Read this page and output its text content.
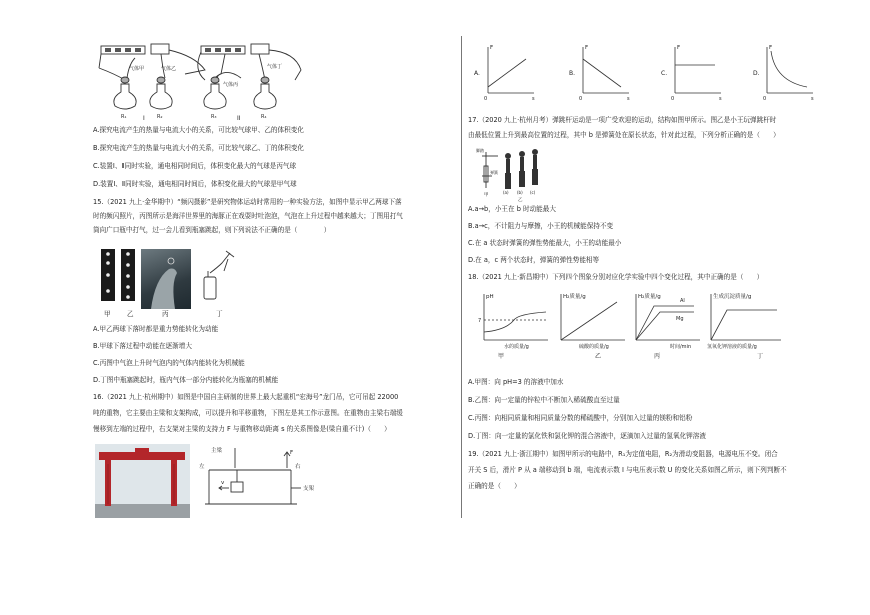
气体甲	气体乙
气体丙
气体丁
R₁	R₂	R₃	R₄
I	II
A.探究电流产生的热量与电流大小的关系，可比较气球甲、乙的体积变化
B.探究电流产生的热量与电流大小的关系，可比较气球乙、丁的体积变化
C.装置Ⅰ、Ⅱ同时实验，通电相同时间后，体积变化最大的气球是丙气球
D.装置Ⅰ、Ⅱ同时实验，通电相同时间后，体积变化最大的气球是甲气球
15.（2021 九上·金华期中）“频闪摄影”是研究物体运动时常用的一种实验方法，如图中显示甲乙两球下落
时的频闪照片，丙图所示是海洋世界里的海豚正在戏耍时吐泡泡，气泡在上升过程中越来越大；丁图用打气
筒向广口瓶中打气，过一会儿看到瓶塞跳起，则下列说法不正确的是（　　　　）
甲 乙	丙	丁
A.甲乙两球下落时都是重力势能转化为动能
B.甲球下落过程中动能在逐渐增大
C.丙图中气泡上升时气泡内的气体内能转化为机械能
D.丁图中瓶塞跳起时，瓶内气体一部分内能转化为瓶塞的机械能
16.（2021 九上·杭州期中）如图是中国自主研制的世界上最大起重机“宏海号”龙门吊，它可吊起 22000
吨的重物，它主要由主梁和支架构成，可以提升和平移重物，下图左是其工作示意图。在重物由主梁右端缓
慢移到左端的过程中，右支架对主梁的支持力 F 与重物移动距离 s 的关系图像是(梁自重不计)（　　）
主梁
左	右
F
v
支架
A.
F
0	s
B.
F
0	s
C.
F
0	s
D.
F
0	s
17.（2020 九上·杭州月考）弹跳杆运动是一项广受欢迎的运动，结构如图甲所示。图乙是小王玩弹跳杆时
由最低位置上升到最高位置的过程，其中 b 是弹簧处在原长状态，针对此过程，下列分析正确的是（　　）
脚踏
弹簧
甲
(a) (b) (c)
乙
A.a→b，小王在 b 时动能最大
B.a→c，不计阻力与摩擦，小王的机械能保持不变
C.在 a 状态时弹簧的弹性势能最大，小王的动能最小
D.在 a，c 两个状态时，弹簧的弹性势能相等
18.（2021 九上·新昌期中）下列四个图象分别对应化学实验中四个变化过程，其中正确的是（　　）
pH
7
水的质量/g
甲
H₂质量/g
硫酸的质量/g
乙
H₂质量/g
Al
Mg
时间/min
丙
生成沉淀质量/g
氢氧化钾溶液的质量/g
丁
A.甲图：向 pH=3 的溶液中加水
B.乙图：向一定量的锌粒中不断加入稀硫酸直至过量
C.丙图：向相同质量和相同质量分数的稀硫酸中，分别加入过量的镁粉和铝粉
D.丁图：向一定量的氯化铁和氯化钾的混合溶液中，逐滴加入过量的氢氧化钾溶液
19.（2021 九上·浙江期中）如图甲所示的电路中，R₁为定值电阻，R₂为滑动变阻器，电源电压不变。闭合
开关 S 后，滑片 P 从 a 端移动到 b 端，电流表示数 I 与电压表示数 U 的变化关系如图乙所示，则下列判断不
正确的是（　　）
